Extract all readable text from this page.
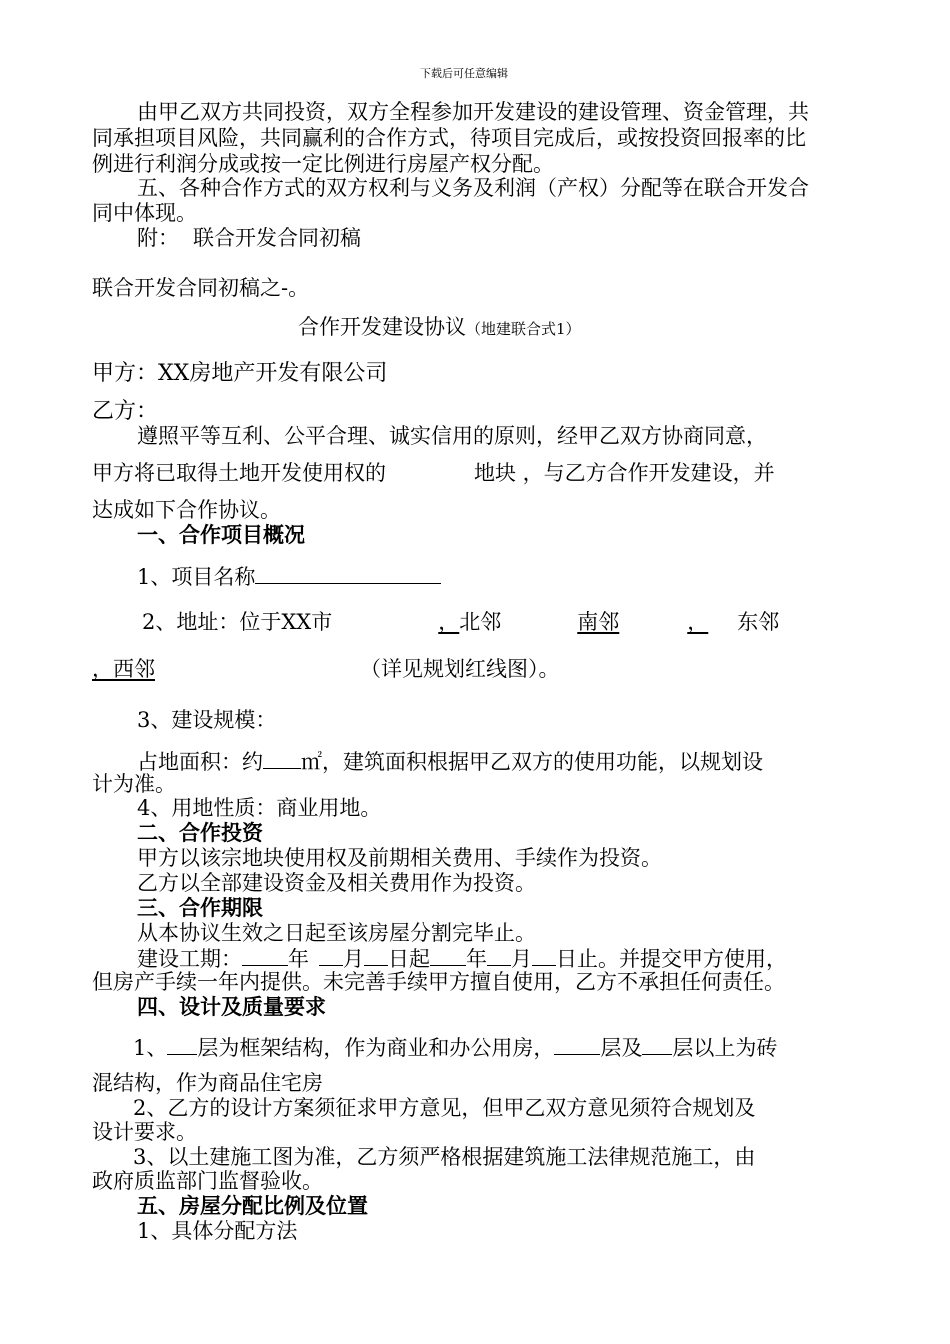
下载后可任意编辑
由甲乙双方共同投资，双方全程参加开发建设的建设管理、资金管理，共
同承担项目风险，共同赢利的合作方式，待项目完成后，或按投资回报率的比
例进行利润分成或按一定比例进行房屋产权分配。
五、各种合作方式的双方权利与义务及利润（产权）分配等在联合开发合
同中体现。
附： 联合开发合同初稿
联合开发合同初稿之-。
合作开发建设协议（地建联合式1）
甲方：XX房地产开发有限公司
乙方：
遵照平等互利、公平合理、诚实信用的原则，经甲乙双方协商同意，
甲方将已取得土地开发使用权的	地块 ，与乙方合作开发建设，并
达成如下合作协议。
一、合作项目概况
1、项目名称
2、地址：位于XX市	，北邻	南邻	， 东邻
，西邻	（详见规划红线图）。
3、建设规模：
占地面积：约 ㎡，建筑面积根据甲乙双方的使用功能，以规划设
计为准。
4、用地性质：商业用地。
二、合作投资
甲方以该宗地块使用权及前期相关费用、手续作为投资。
乙方以全部建设资金及相关费用作为投资。
三、合作期限
从本协议生效之日起至该房屋分割完毕止。
建设工期： 年 月 日起 年 月 日止。并提交甲方使用，
但房产手续一年内提供。未完善手续甲方擅自使用，乙方不承担任何责任。
四、设计及质量要求
1、 层为框架结构，作为商业和办公用房， 层及 层以上为砖
混结构，作为商品住宅房
2、乙方的设计方案须征求甲方意见，但甲乙双方意见须符合规划及
设计要求。
3、以土建施工图为准，乙方须严格根据建筑施工法律规范施工，由
政府质监部门监督验收。
五、房屋分配比例及位置
1、具体分配方法
